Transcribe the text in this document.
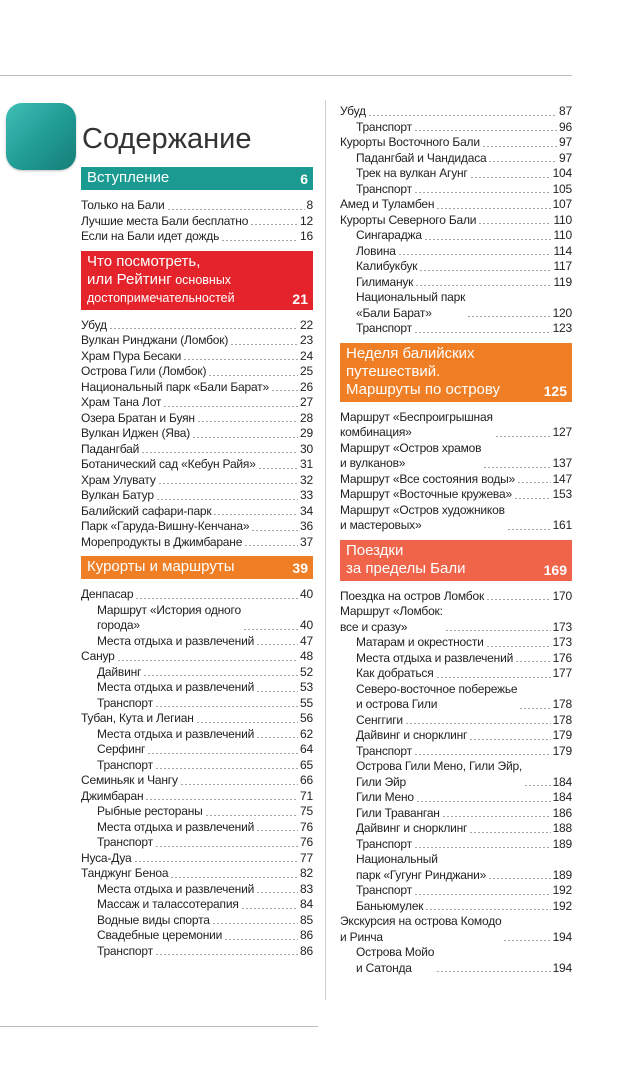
Содержание
Вступление	6
Только на Бали	8
Лучшие места Бали бесплатно	12
Если на Бали идет дождь	16
Что посмотреть,
или Рейтинг основных
достопримечательностей	21
Убуд	22
Вулкан Ринджани (Ломбок)	23
Храм Пура Бесаки	24
Острова Гили (Ломбок)	25
Национальный парк «Бали Барат»	26
Храм Тана Лот	27
Озера Братан и Буян	28
Вулкан Иджен (Ява)	29
Падангбай	30
Ботанический сад «Кебун Райя»	31
Храм Улувату	32
Вулкан Батур	33
Балийский сафари-парк	34
Парк «Гаруда-Вишну-Кенчана»	36
Морепродукты в Джимбаране	37
Курорты и маршруты	39
Денпасар	40
Маршрут «История одного
города»	40
Места отдыха и развлечений	47
Санур	48
Дайвинг	52
Места отдыха и развлечений	53
Транспорт	55
Тубан, Кута и Легиан	56
Места отдыха и развлечений	62
Серфинг	64
Транспорт	65
Семиньяк и Чангу	66
Джимбаран	71
Рыбные рестораны	75
Места отдыха и развлечений	76
Транспорт	76
Нуса-Дуа	77
Танджунг Беноа	82
Места отдыха и развлечений	83
Массаж и талассотерапия	84
Водные виды спорта	85
Свадебные церемонии	86
Транспорт	86
Убуд	87
Транспорт	96
Курорты Восточного Бали	97
Падангбай и Чандидаса	97
Трек на вулкан Агунг	104
Транспорт	105
Амед и Туламбен	107
Курорты Северного Бали	110
Сингараджа	110
Ловина	114
Калибукбук	117
Гилиманук	119
Национальный парк
«Бали Барат»	120
Транспорт	123
Неделя балийских
путешествий.
Маршруты по острову	125
Маршрут «Беспроигрышная
комбинация»	127
Маршрут «Остров храмов
и вулканов»	137
Маршрут «Все состояния воды»	147
Маршрут «Восточные кружева»	153
Маршрут «Остров художников
и мастеровых»	161
Поездки
за пределы Бали	169
Поездка на остров Ломбок	170
Маршрут «Ломбок:
все и сразу»	173
Матарам и окрестности	173
Места отдыха и развлечений	176
Как добраться	177
Северо-восточное побережье
и острова Гили	178
Сенггиги	178
Дайвинг и снорклинг	179
Транспорт	179
Острова Гили Мено, Гили Эйр,
Гили Эйр	184
Гили Мено	184
Гили Траванган	186
Дайвинг и снорклинг	188
Транспорт	189
Национальный
парк «Гугунг Ринджани»	189
Транспорт	192
Баньюмулек	192
Экскурсия на острова Комодо
и Ринча	194
Острова Мойо
и Сатонда	194
